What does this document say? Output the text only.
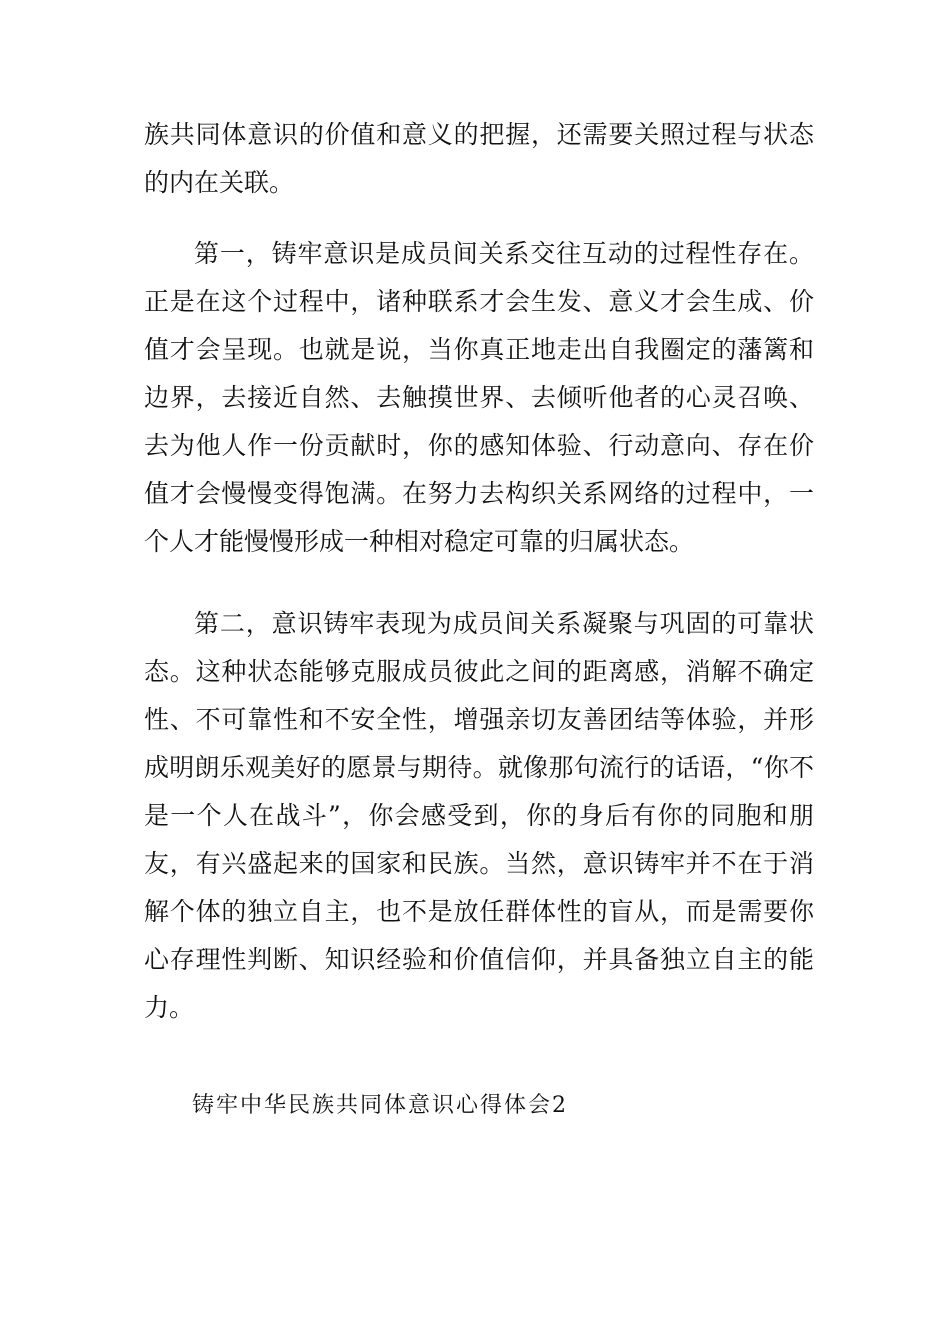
族共同体意识的价值和意义的把握，还需要关照过程与状态的内在关联。

第一，铸牢意识是成员间关系交往互动的过程性存在。正是在这个过程中，诸种联系才会生发、意义才会生成、价值才会呈现。也就是说，当你真正地走出自我圈定的藩篱和边界，去接近自然、去触摸世界、去倾听他者的心灵召唤、去为他人作一份贡献时，你的感知体验、行动意向、存在价值才会慢慢变得饱满。在努力去构织关系网络的过程中，一个人才能慢慢形成一种相对稳定可靠的归属状态。

第二，意识铸牢表现为成员间关系凝聚与巩固的可靠状态。这种状态能够克服成员彼此之间的距离感，消解不确定性、不可靠性和不安全性，增强亲切友善团结等体验，并形成明朗乐观美好的愿景与期待。就像那句流行的话语，“你不是一个人在战斗”，你会感受到，你的身后有你的同胞和朋友，有兴盛起来的国家和民族。当然，意识铸牢并不在于消解个体的独立自主，也不是放任群体性的盲从，而是需要你心存理性判断、知识经验和价值信仰，并具备独立自主的能力。

铸牢中华民族共同体意识心得体会2
